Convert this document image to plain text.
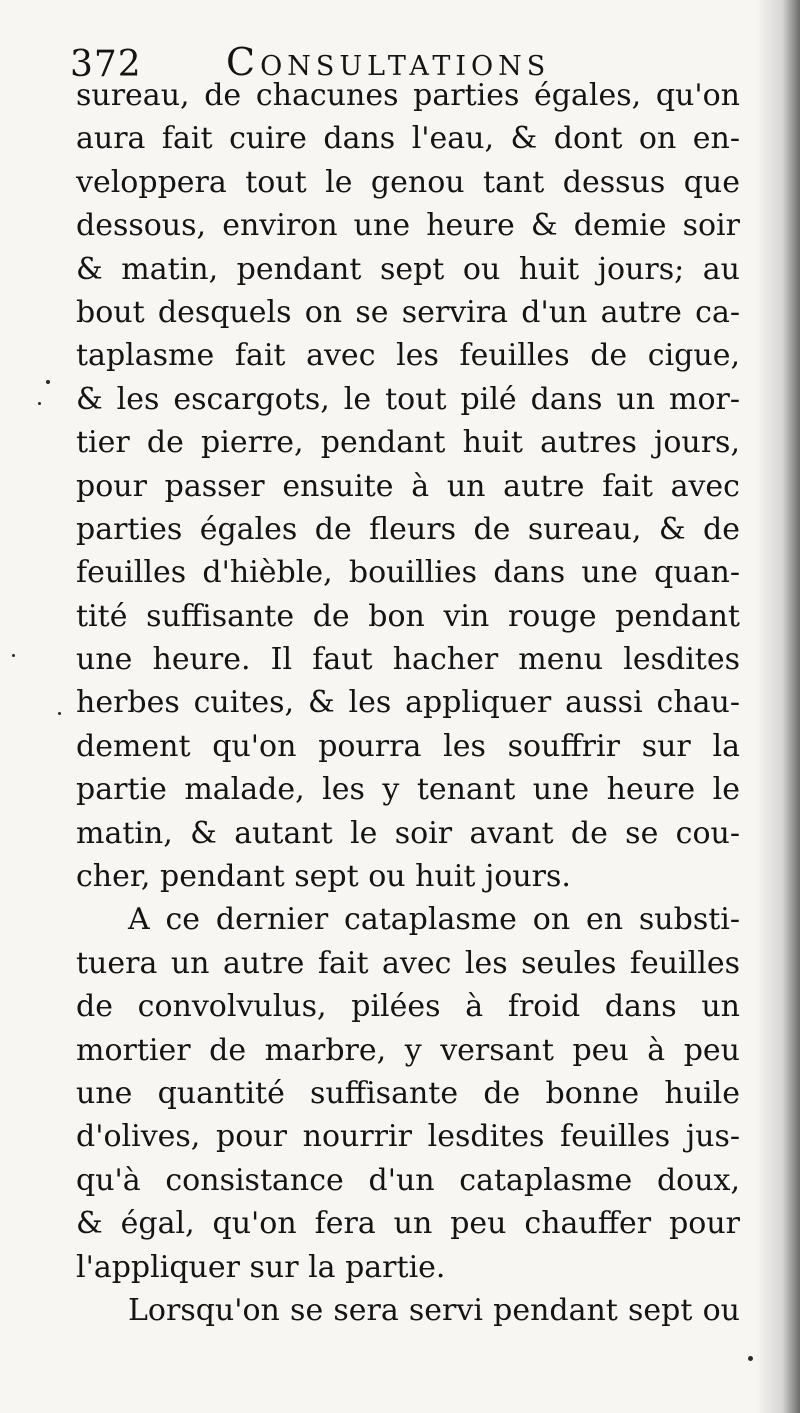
372 Consultations
sureau, de chacunes parties égales, qu'on
aura fait cuire dans l'eau, & dont on en-
veloppera tout le genou tant dessus que
dessous, environ une heure & demie soir
& matin, pendant sept ou huit jours; au
bout desquels on se servira d'un autre ca-
taplasme fait avec les feuilles de cigue,
& les escargots, le tout pilé dans un mor-
tier de pierre, pendant huit autres jours,
pour passer ensuite à un autre fait avec
parties égales de fleurs de sureau, & de
feuilles d'hièble, bouillies dans une quan-
tité suffisante de bon vin rouge pendant
une heure. Il faut hacher menu lesdites
herbes cuites, & les appliquer aussi chau-
dement qu'on pourra les souffrir sur la
partie malade, les y tenant une heure le
matin, & autant le soir avant de se cou-
cher, pendant sept ou huit jours.
A ce dernier cataplasme on en substi-
tuera un autre fait avec les seules feuilles
de convolvulus, pilées à froid dans un
mortier de marbre, y versant peu à peu
une quantité suffisante de bonne huile
d'olives, pour nourrir lesdites feuilles jus-
qu'à consistance d'un cataplasme doux,
& égal, qu'on fera un peu chauffer pour
l'appliquer sur la partie.
Lorsqu'on se sera servi pendant sept ou
